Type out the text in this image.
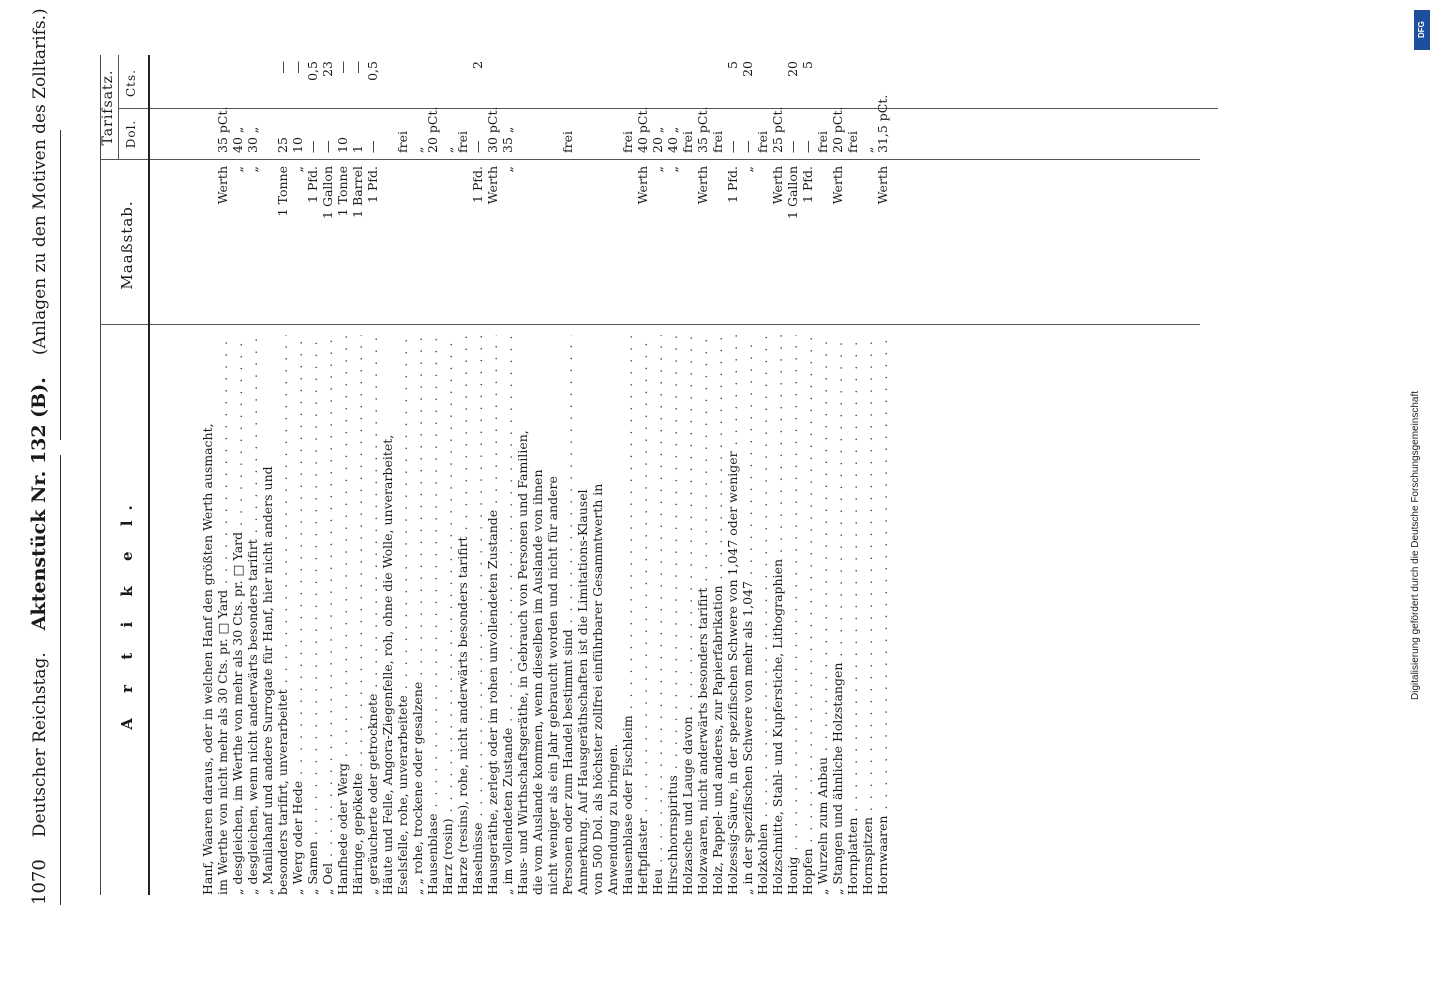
1070
Deutscher Reichstag.
Aktenstück Nr. 132 (B).
(Anlagen zu den Motiven des Zolltarifs.)
A r t i k e l.
Maaßstab.
Tarifsatz. Dol.
Cts.
Hanf, Waaren daraus, oder in welchen Hanf den größten Werth ausmacht, im Werthe von nicht mehr als 30 Cts. pr. □ Yard . . .
Werth
35 pCt.
„ desgleichen, im Werthe von mehr als 30 Cts. pr. □ Yard . . .
„
40 „
„ desgleichen, wenn nicht anderwärts besonders tarifirt . . .
„
30 „
„ Manilahanf und andere Surrogate für Hanf, hier nicht anders und besonders tarifirt, unverarbeitet . . .
1 Tonne
25
—
„ Werg oder Hede . . .
„
10
—
„ Samen . . .
1 Pfd.
—
0,5
„ Oel . . .
1 Gallon
—
23
Hanfhede oder Werg . . .
1 Tonne
10
—
Häringe, gepökelte . . .
1 Barrel
1
—
„ geräucherte oder getrocknete . . .
1 Pfd.
—
0,5
Häute und Felle, Angora-Ziegenfelle, roh, ohne die Wolle, unverarbeitet, Eselsfelle, rohe, unverarbeitete . . .
frei
„ „ rohe, trockene oder gesalzene . . .
„
Hausenblase . . .
20 pCt.
Harz (rosin) . . .
„
Harze (resins), rohe, nicht anderwärts besonders tarifirt . . .
frei
Haselnüsse . . .
1 Pfd.
—
2
Hausgeräthe, zerlegt oder im rohen unvollendeten Zustande . . .
Werth
30 pCt.
„ im vollendeten Zustande . . .
„
35 „
Haus- und Wirthschaftsgeräthe, in Gebrauch von Personen und Familien, die vom Auslande kommen, wenn dieselben im Auslande von ihnen nicht weniger als ein Jahr gebraucht worden und nicht für andere Personen oder zum Handel bestimmt sind . . .
frei
Anmerkung. Auf Hausgeräthschaften ist die Limitations-Klausel von 500 Dol. als höchster zollfrei einführbarer Gesammtwerth in Anwendung zu bringen. Hausenblase oder Fischleim . . .
frei
Heftpflaster . . .
Werth
40 pCt.
Heu . . .
„
20 „
Hirschhornspiritus . . .
„
40 „
Holzasche und Lauge davon . . .
frei
Holzwaaren, nicht anderwärts besonders tarifirt . . .
Werth
35 pCt.
Holz, Pappel- und anderes, zur Papierfabrikation . . .
frei
Holzessig-Säure, in der spezifischen Schwere von 1,047 oder weniger . . .
1 Pfd.
—
5
„ in der spezifischen Schwere von mehr als 1,047 . . .
„
—
20
Holzkohlen . . .
frei
Holzschnitte, Stahl- und Kupferstiche, Lithographien . . .
Werth
25 pCt.
Honig . . .
1 Gallon
—
20
Hopfen . . .
1 Pfd.
—
5
„ Wurzeln zum Anbau . . .
frei
„ Stangen und ähnliche Holzstangen . . .
Werth
20 pCt.
Hornplatten . . .
frei
Hornspitzen . . .
„
Hornwaaren . . .
Werth
31,5 pCt.
DFG
Digitalisierung gefördert durch die Deutsche Forschungsgemeinschaft
